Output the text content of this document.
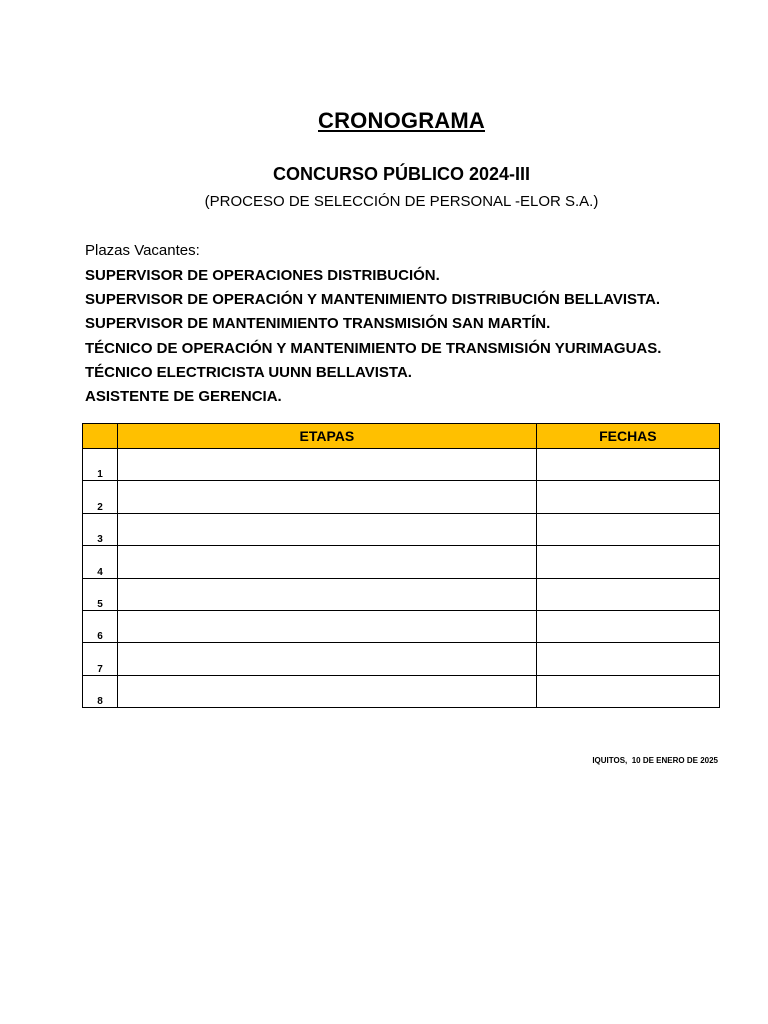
CRONOGRAMA
CONCURSO PÚBLICO 2024-III
(PROCESO DE SELECCIÓN DE PERSONAL -ELOR S.A.)
Plazas Vacantes:
SUPERVISOR DE OPERACIONES DISTRIBUCIÓN.
SUPERVISOR DE OPERACIÓN Y MANTENIMIENTO DISTRIBUCIÓN BELLAVISTA.
SUPERVISOR DE MANTENIMIENTO TRANSMISIÓN SAN MARTÍN.
TÉCNICO DE OPERACIÓN Y MANTENIMIENTO DE TRANSMISIÓN YURIMAGUAS.
TÉCNICO ELECTRICISTA UUNN BELLAVISTA.
ASISTENTE DE GERENCIA.
	ETAPAS	FECHAS
1		
2		
3		
4		
5		
6		
7		
8		
IQUITOS,  10 DE ENERO DE 2025
